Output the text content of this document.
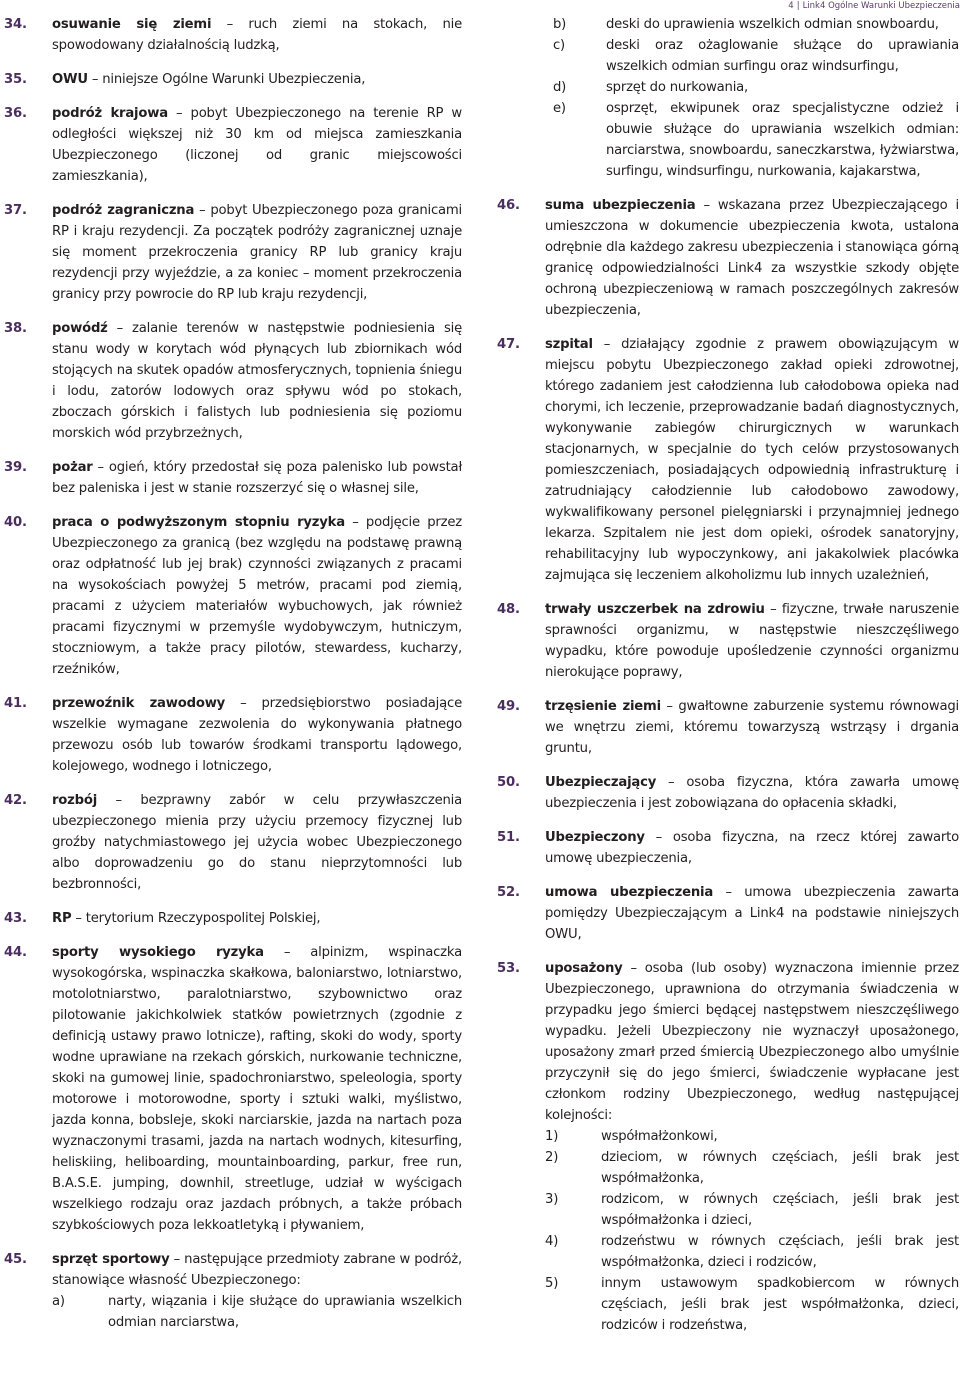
4 | Link4 Ogólne Warunki Ubezpieczenia
34. osuwanie się ziemi – ruch ziemi na stokach, nie spowodowany działalnością ludzką,
35. OWU – niniejsze Ogólne Warunki Ubezpieczenia,
36. podróż krajowa – pobyt Ubezpieczonego na terenie RP w odległości większej niż 30 km od miejsca zamieszkania Ubezpieczonego (liczonej od granic miejscowości zamieszkania),
37. podróż zagraniczna – pobyt Ubezpieczonego poza granicami RP i kraju rezydencji. Za początek podróży zagranicznej uznaje się moment przekroczenia granicy RP lub granicy kraju rezydencji przy wyjeździe, a za koniec – moment przekroczenia granicy przy powrocie do RP lub kraju rezydencji,
38. powódź – zalanie terenów w następstwie podniesienia się stanu wody w korytach wód płynących lub zbiornikach wód stojących na skutek opadów atmosferycznych, topnienia śniegu i lodu, zatorów lodowych oraz spływu wód po stokach, zboczach górskich i falistych lub podniesienia się poziomu morskich wód przybrzeżnych,
39. pożar – ogień, który przedostał się poza palenisko lub powstał bez paleniska i jest w stanie rozszerzyć się o własnej sile,
40. praca o podwyższonym stopniu ryzyka – podjęcie przez Ubezpieczonego za granicą (bez względu na podstawę prawną oraz odpłatność lub jej brak) czynności związanych z pracami na wysokościach powyżej 5 metrów, pracami pod ziemią, pracami z użyciem materiałów wybuchowych, jak również pracami fizycznymi w przemyśle wydobywczym, hutniczym, stoczniowym, a także pracy pilotów, stewardess, kucharzy, rzeźników,
41. przewoźnik zawodowy – przedsiębiorstwo posiadające wszelkie wymagane zezwolenia do wykonywania płatnego przewozu osób lub towarów środkami transportu lądowego, kolejowego, wodnego i lotniczego,
42. rozbój – bezprawny zabór w celu przywłaszczenia ubezpieczonego mienia przy użyciu przemocy fizycznej lub groźby natychmiastowego jej użycia wobec Ubezpieczonego albo doprowadzeniu go do stanu nieprzytomności lub bezbronności,
43. RP – terytorium Rzeczypospolitej Polskiej,
44. sporty wysokiego ryzyka – alpinizm, wspinaczka wysokogórska, wspinaczka skałkowa, baloniarstwo, lotniarstwo, motolotniarstwo, paralotniarstwo, szybownictwo oraz pilotowanie jakichkolwiek statków powietrznych (zgodnie z definicją ustawy prawo lotnicze), rafting, skoki do wody, sporty wodne uprawiane na rzekach górskich, nurkowanie techniczne, skoki na gumowej linie, spadochroniarstwo, speleologia, sporty motorowe i motorowodne, sporty i sztuki walki, myślistwo, jazda konna, bobsleje, skoki narciarskie, jazda na nartach poza wyznaczonymi trasami, jazda na nartach wodnych, kitesurfing, heliskiing, heliboarding, mountainboarding, parkur, free run, B.A.S.E. jumping, downhil, streetluge, udział w wyścigach wszelkiego rodzaju oraz jazdach próbnych, a także próbach szybkościowych poza lekkoatletyką i pływaniem,
45. sprzęt sportowy – następujące przedmioty zabrane w podróż, stanowiące własność Ubezpieczonego:
a)	narty, wiązania i kije służące do uprawiania wszelkich odmian narciarstwa,
b)	deski do uprawienia wszelkich odmian snowboardu,
c)	deski oraz ożaglowanie służące do uprawiania wszelkich odmian surfingu oraz windsurfingu,
d)	sprzęt do nurkowania,
e)	osprzęt, ekwipunek oraz specjalistyczne odzież i obuwie służące do uprawiania wszelkich odmian: narciarstwa, snowboardu, saneczkarstwa, łyżwiarstwa, surfingu, windsurfingu, nurkowania, kajakarstwa,
46. suma ubezpieczenia – wskazana przez Ubezpieczającego i umieszczona w dokumencie ubezpieczenia kwota, ustalona odrębnie dla każdego zakresu ubezpieczenia i stanowiąca górną granicę odpowiedzialności Link4 za wszystkie szkody objęte ochroną ubezpieczeniową w ramach poszczególnych zakresów ubezpieczenia,
47. szpital – działający zgodnie z prawem obowiązującym w miejscu pobytu Ubezpieczonego zakład opieki zdrowotnej, którego zadaniem jest całodzienna lub całodobowa opieka nad chorymi, ich leczenie, przeprowadzanie badań diagnostycznych, wykonywanie zabiegów chirurgicznych w warunkach stacjonarnych, w specjalnie do tych celów przystosowanych pomieszczeniach, posiadających odpowiednią infrastrukturę i zatrudniający całodziennie lub całodobowo zawodowy, wykwalifikowany personel pielęgniarski i przynajmniej jednego lekarza. Szpitalem nie jest dom opieki, ośrodek sanatoryjny, rehabilitacyjny lub wypoczynkowy, ani jakakolwiek placówka zajmująca się leczeniem alkoholizmu lub innych uzależnień,
48. trwały uszczerbek na zdrowiu – fizyczne, trwałe naruszenie sprawności organizmu, w następstwie nieszczęśliwego wypadku, które powoduje upośledzenie czynności organizmu nierokujące poprawy,
49. trzęsienie ziemi – gwałtowne zaburzenie systemu równowagi we wnętrzu ziemi, któremu towarzyszą wstrząsy i drgania gruntu,
50. Ubezpieczający – osoba fizyczna, która zawarła umowę ubezpieczenia i jest zobowiązana do opłacenia składki,
51. Ubezpieczony – osoba fizyczna, na rzecz której zawarto umowę ubezpieczenia,
52. umowa ubezpieczenia – umowa ubezpieczenia zawarta pomiędzy Ubezpieczającym a Link4 na podstawie niniejszych OWU,
53. uposażony – osoba (lub osoby) wyznaczona imiennie przez Ubezpieczonego, uprawniona do otrzymania świadczenia w przypadku jego śmierci będącej następstwem nieszczęśliwego wypadku. Jeżeli Ubezpieczony nie wyznaczył uposażonego, uposażony zmarł przed śmiercią Ubezpieczonego albo umyślnie przyczynił się do jego śmierci, świadczenie wypłacane jest członkom rodziny Ubezpieczonego, według następującej kolejności:
1)	współmałżonkowi,
2)	dzieciom, w równych częściach, jeśli brak jest współmałżonka,
3)	rodzicom, w równych częściach, jeśli brak jest współmałżonka i dzieci,
4)	rodzeństwu w równych częściach, jeśli brak jest współmałżonka, dzieci i rodziców,
5)	innym ustawowym spadkobiercom w równych częściach, jeśli brak jest współmałżonka, dzieci, rodziców i rodzeństwa,
